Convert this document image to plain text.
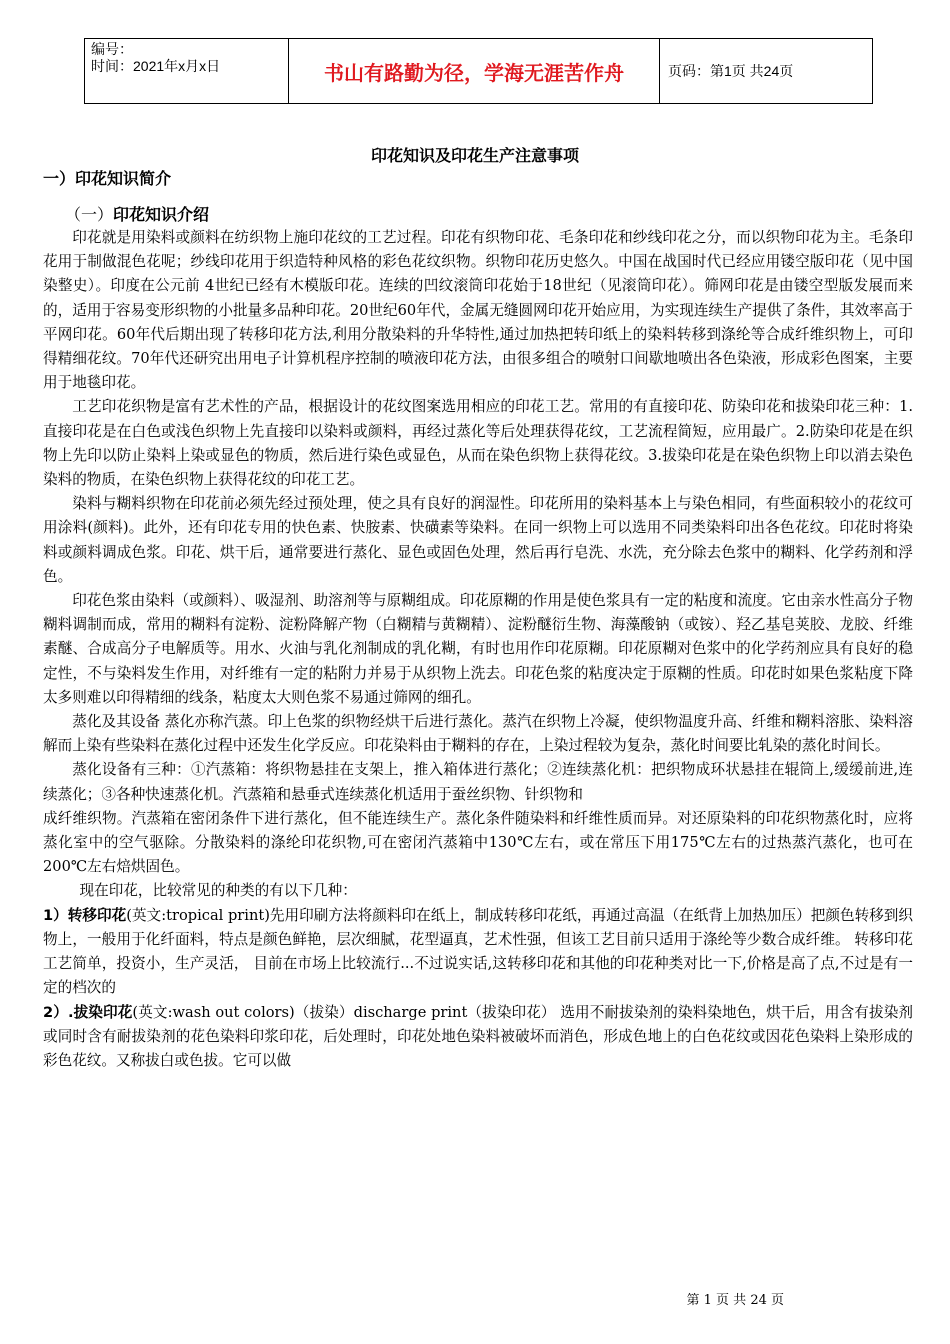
编号：
时间：2021年x月x日	书山有路勤为径，学海无涯苦作舟	页码：第1页 共24页
印花知识及印花生产注意事项
一）印花知识简介
（一）印花知识介绍

印花就是用染料或颜料在纺织物上施印花纹的工艺过程。印花有织物印花、毛条印花和纱线印花之分，而以织物印花为主。毛条印花用于制做混色花呢；纱线印花用于织造特种风格的彩色花纹织物。织物印花历史悠久。中国在战国时代已经应用镂空版印花（见中国染整史）。印度在公元前 4世纪已经有木模版印花。连续的凹纹滚筒印花始于18世纪（见滚筒印花）。筛网印花是由镂空型版发展而来的，适用于容易变形织物的小批量多品种印花。20世纪60年代，金属无缝圆网印花开始应用，为实现连续生产提供了条件，其效率高于平网印花。60年代后期出现了转移印花方法,利用分散染料的升华特性,通过加热把转印纸上的染料转移到涤纶等合成纤维织物上，可印得精细花纹。70年代还研究出用电子计算机程序控制的喷液印花方法，由很多组合的喷射口间歇地喷出各色染液，形成彩色图案，主要用于地毯印花。

工艺印花织物是富有艺术性的产品，根据设计的花纹图案选用相应的印花工艺。常用的有直接印花、防染印花和拔染印花三种：1.直接印花是在白色或浅色织物上先直接印以染料或颜料，再经过蒸化等后处理获得花纹，工艺流程简短，应用最广。2.防染印花是在织物上先印以防止染料上染或显色的物质，然后进行染色或显色，从而在染色织物上获得花纹。3.拔染印花是在染色织物上印以消去染色染料的物质，在染色织物上获得花纹的印花工艺。

染料与糊料织物在印花前必须先经过预处理，使之具有良好的润湿性。印花所用的染料基本上与染色相同，有些面积较小的花纹可用涂料(颜料)。此外，还有印花专用的快色素、快胺素、快磺素等染料。在同一织物上可以选用不同类染料印出各色花纹。印花时将染料或颜料调成色浆。印花、烘干后，通常要进行蒸化、显色或固色处理，然后再行皂洗、水洗，充分除去色浆中的糊料、化学药剂和浮色。

印花色浆由染料（或颜料）、吸湿剂、助溶剂等与原糊组成。印花原糊的作用是使色浆具有一定的粘度和流度。它由亲水性高分子物糊料调制而成，常用的糊料有淀粉、淀粉降解产物（白糊精与黄糊精）、淀粉醚衍生物、海藻酸钠（或铵）、羟乙基皂荚胶、龙胶、纤维素醚、合成高分子电解质等。用水、火油与乳化剂制成的乳化糊，有时也用作印花原糊。印花原糊对色浆中的化学药剂应具有良好的稳定性，不与染料发生作用，对纤维有一定的粘附力并易于从织物上洗去。印花色浆的粘度决定于原糊的性质。印花时如果色浆粘度下降太多则难以印得精细的线条，粘度太大则色浆不易通过筛网的细孔。

蒸化及其设备 蒸化亦称汽蒸。印上色浆的织物经烘干后进行蒸化。蒸汽在织物上冷凝，使织物温度升高、纤维和糊料溶胀、染料溶解而上染有些染料在蒸化过程中还发生化学反应。印花染料由于糊料的存在，上染过程较为复杂，蒸化时间要比轧染的蒸化时间长。

蒸化设备有三种：①汽蒸箱：将织物悬挂在支架上，推入箱体进行蒸化；②连续蒸化机：把织物成环状悬挂在辊筒上,缓缓前进,连续蒸化；③各种快速蒸化机。汽蒸箱和悬垂式连续蒸化机适用于蚕丝织物、针织物和

成纤维织物。汽蒸箱在密闭条件下进行蒸化，但不能连续生产。蒸化条件随染料和纤维性质而异。对还原染料的印花织物蒸化时，应将蒸化室中的空气驱除。分散染料的涤纶印花织物,可在密闭汽蒸箱中130℃左右，或在常压下用175℃左右的过热蒸汽蒸化，也可在200℃左右焙烘固色。

现在印花，比较常见的种类的有以下几种：

1）转移印花(英文:tropical print)先用印刷方法将颜料印在纸上，制成转移印花纸，再通过高温（在纸背上加热加压）把颜色转移到织物上，一般用于化纤面料，特点是颜色鲜艳，层次细腻，花型逼真，艺术性强，但该工艺目前只适用于涤纶等少数合成纤维。 转移印花工艺简单，投资小，生产灵活， 目前在市场上比较流行...不过说实话,这转移印花和其他的印花种类对比一下,价格是高了点,不过是有一定的档次的

2）.拔染印花(英文:wash out colors)（拔染）discharge print（拔染印花） 选用不耐拔染剂的染料染地色，烘干后，用含有拔染剂或同时含有耐拔染剂的花色染料印浆印花，后处理时，印花处地色染料被破坏而消色，形成色地上的白色花纹或因花色染料上染形成的彩色花纹。又称拔白或色拔。它可以做

第 1 页 共 24 页
